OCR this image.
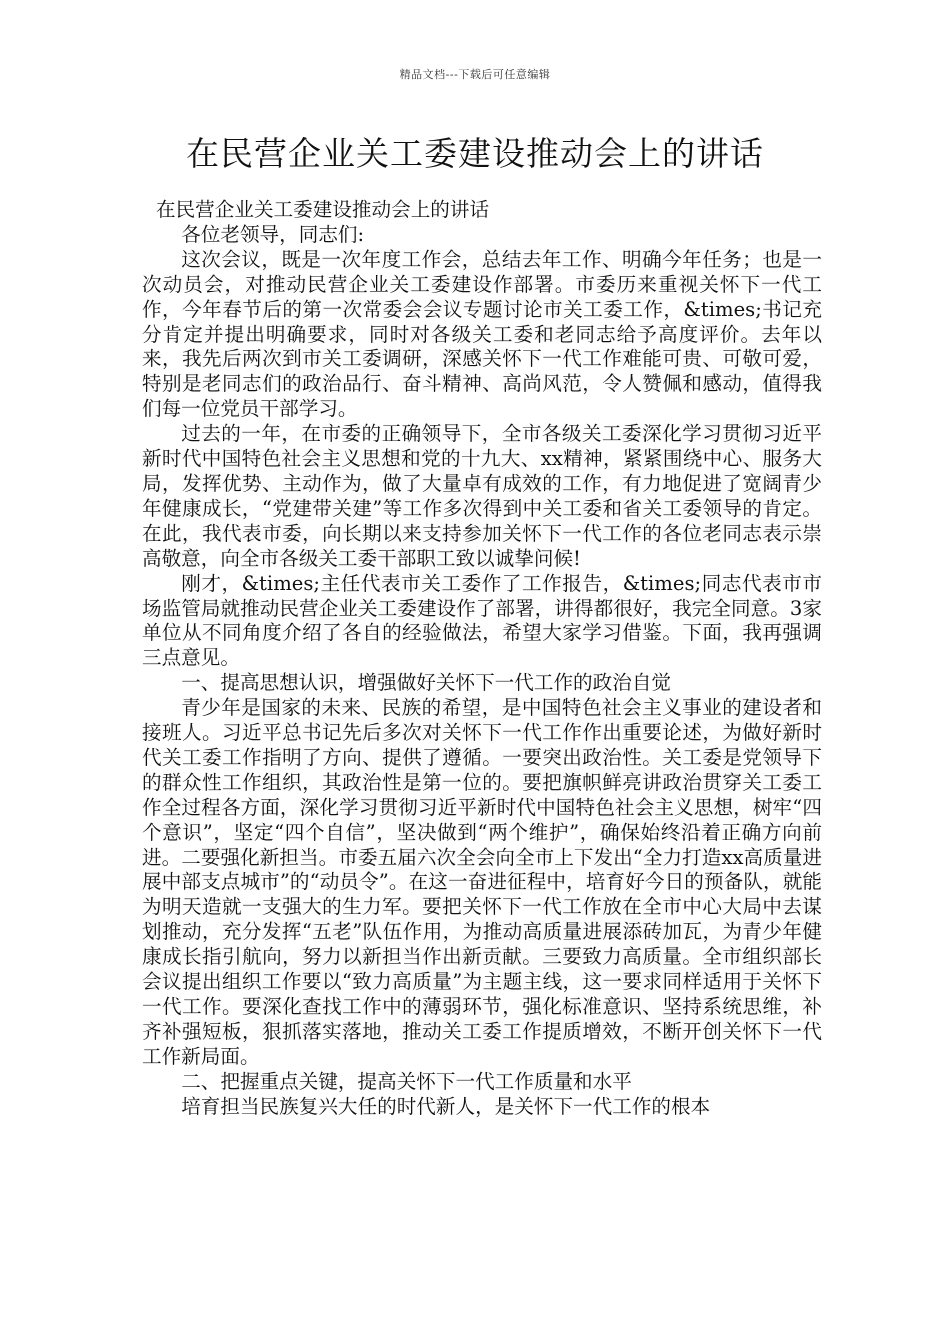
精品文档---下载后可任意编辑
在民营企业关工委建设推动会上的讲话

在民营企业关工委建设推动会上的讲话

各位老领导，同志们:

这次会议，既是一次年度工作会，总结去年工作、明确今年任务；也是一次动员会，对推动民营企业关工委建设作部署。市委历来重视关怀下一代工作，今年春节后的第一次常委会会议专题讨论市关工委工作，&times;书记充分肯定并提出明确要求，同时对各级关工委和老同志给予高度评价。去年以来，我先后两次到市关工委调研，深感关怀下一代工作难能可贵、可敬可爱，特别是老同志们的政治品行、奋斗精神、高尚风范，令人赞佩和感动，值得我们每一位党员干部学习。

过去的一年，在市委的正确领导下，全市各级关工委深化学习贯彻习近平新时代中国特色社会主义思想和党的十九大、xx精神，紧紧围绕中心、服务大局，发挥优势、主动作为，做了大量卓有成效的工作，有力地促进了宽阔青少年健康成长，“党建带关建”等工作多次得到中关工委和省关工委领导的肯定。在此，我代表市委，向长期以来支持参加关怀下一代工作的各位老同志表示崇高敬意，向全市各级关工委干部职工致以诚挚问候!

刚才，&times;主任代表市关工委作了工作报告，&times;同志代表市市场监管局就推动民营企业关工委建设作了部署，讲得都很好，我完全同意。3家单位从不同角度介绍了各自的经验做法，希望大家学习借鉴。下面，我再强调三点意见。

一、提高思想认识，增强做好关怀下一代工作的政治自觉

青少年是国家的未来、民族的希望，是中国特色社会主义事业的建设者和接班人。习近平总书记先后多次对关怀下一代工作作出重要论述，为做好新时代关工委工作指明了方向、提供了遵循。一要突出政治性。关工委是党领导下的群众性工作组织，其政治性是第一位的。要把旗帜鲜亮讲政治贯穿关工委工作全过程各方面，深化学习贯彻习近平新时代中国特色社会主义思想，树牢“四个意识”，坚定“四个自信”，坚决做到“两个维护”，确保始终沿着正确方向前进。二要强化新担当。市委五届六次全会向全市上下发出“全力打造xx高质量进展中部支点城市”的“动员令”。在这一奋进征程中，培育好今日的预备队，就能为明天造就一支强大的生力军。要把关怀下一代工作放在全市中心大局中去谋划推动，充分发挥“五老”队伍作用，为推动高质量进展添砖加瓦，为青少年健康成长指引航向，努力以新担当作出新贡献。三要致力高质量。全市组织部长会议提出组织工作要以“致力高质量”为主题主线，这一要求同样适用于关怀下一代工作。要深化查找工作中的薄弱环节，强化标准意识、坚持系统思维，补齐补强短板，狠抓落实落地，推动关工委工作提质增效，不断开创关怀下一代工作新局面。

二、把握重点关键，提高关怀下一代工作质量和水平

培育担当民族复兴大任的时代新人，是关怀下一代工作的根本
